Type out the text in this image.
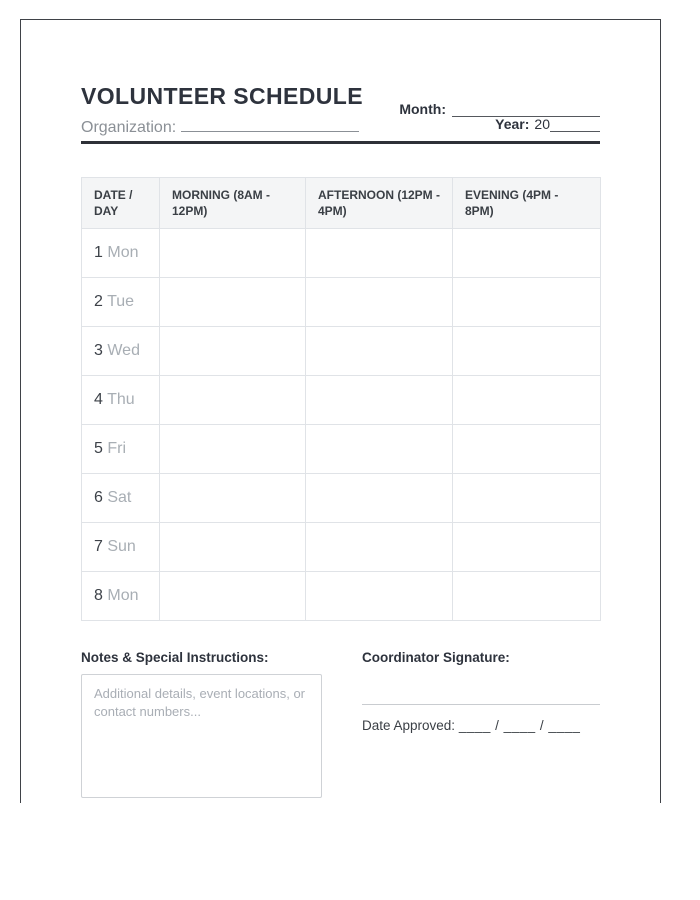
VOLUNTEER SCHEDULE
Organization:
Month:
Year: 20
DATE / DAY	MORNING (8AM - 12PM)	AFTERNOON (12PM - 4PM)	EVENING (4PM - 8PM)
1 Mon			
2 Tue			
3 Wed			
4 Thu			
5 Fri			
6 Sat			
7 Sun			
8 Mon			
Notes & Special Instructions:
Additional details, event locations, or contact numbers...	Coordinator Signature:
Date Approved: ____ / ____ / ____
